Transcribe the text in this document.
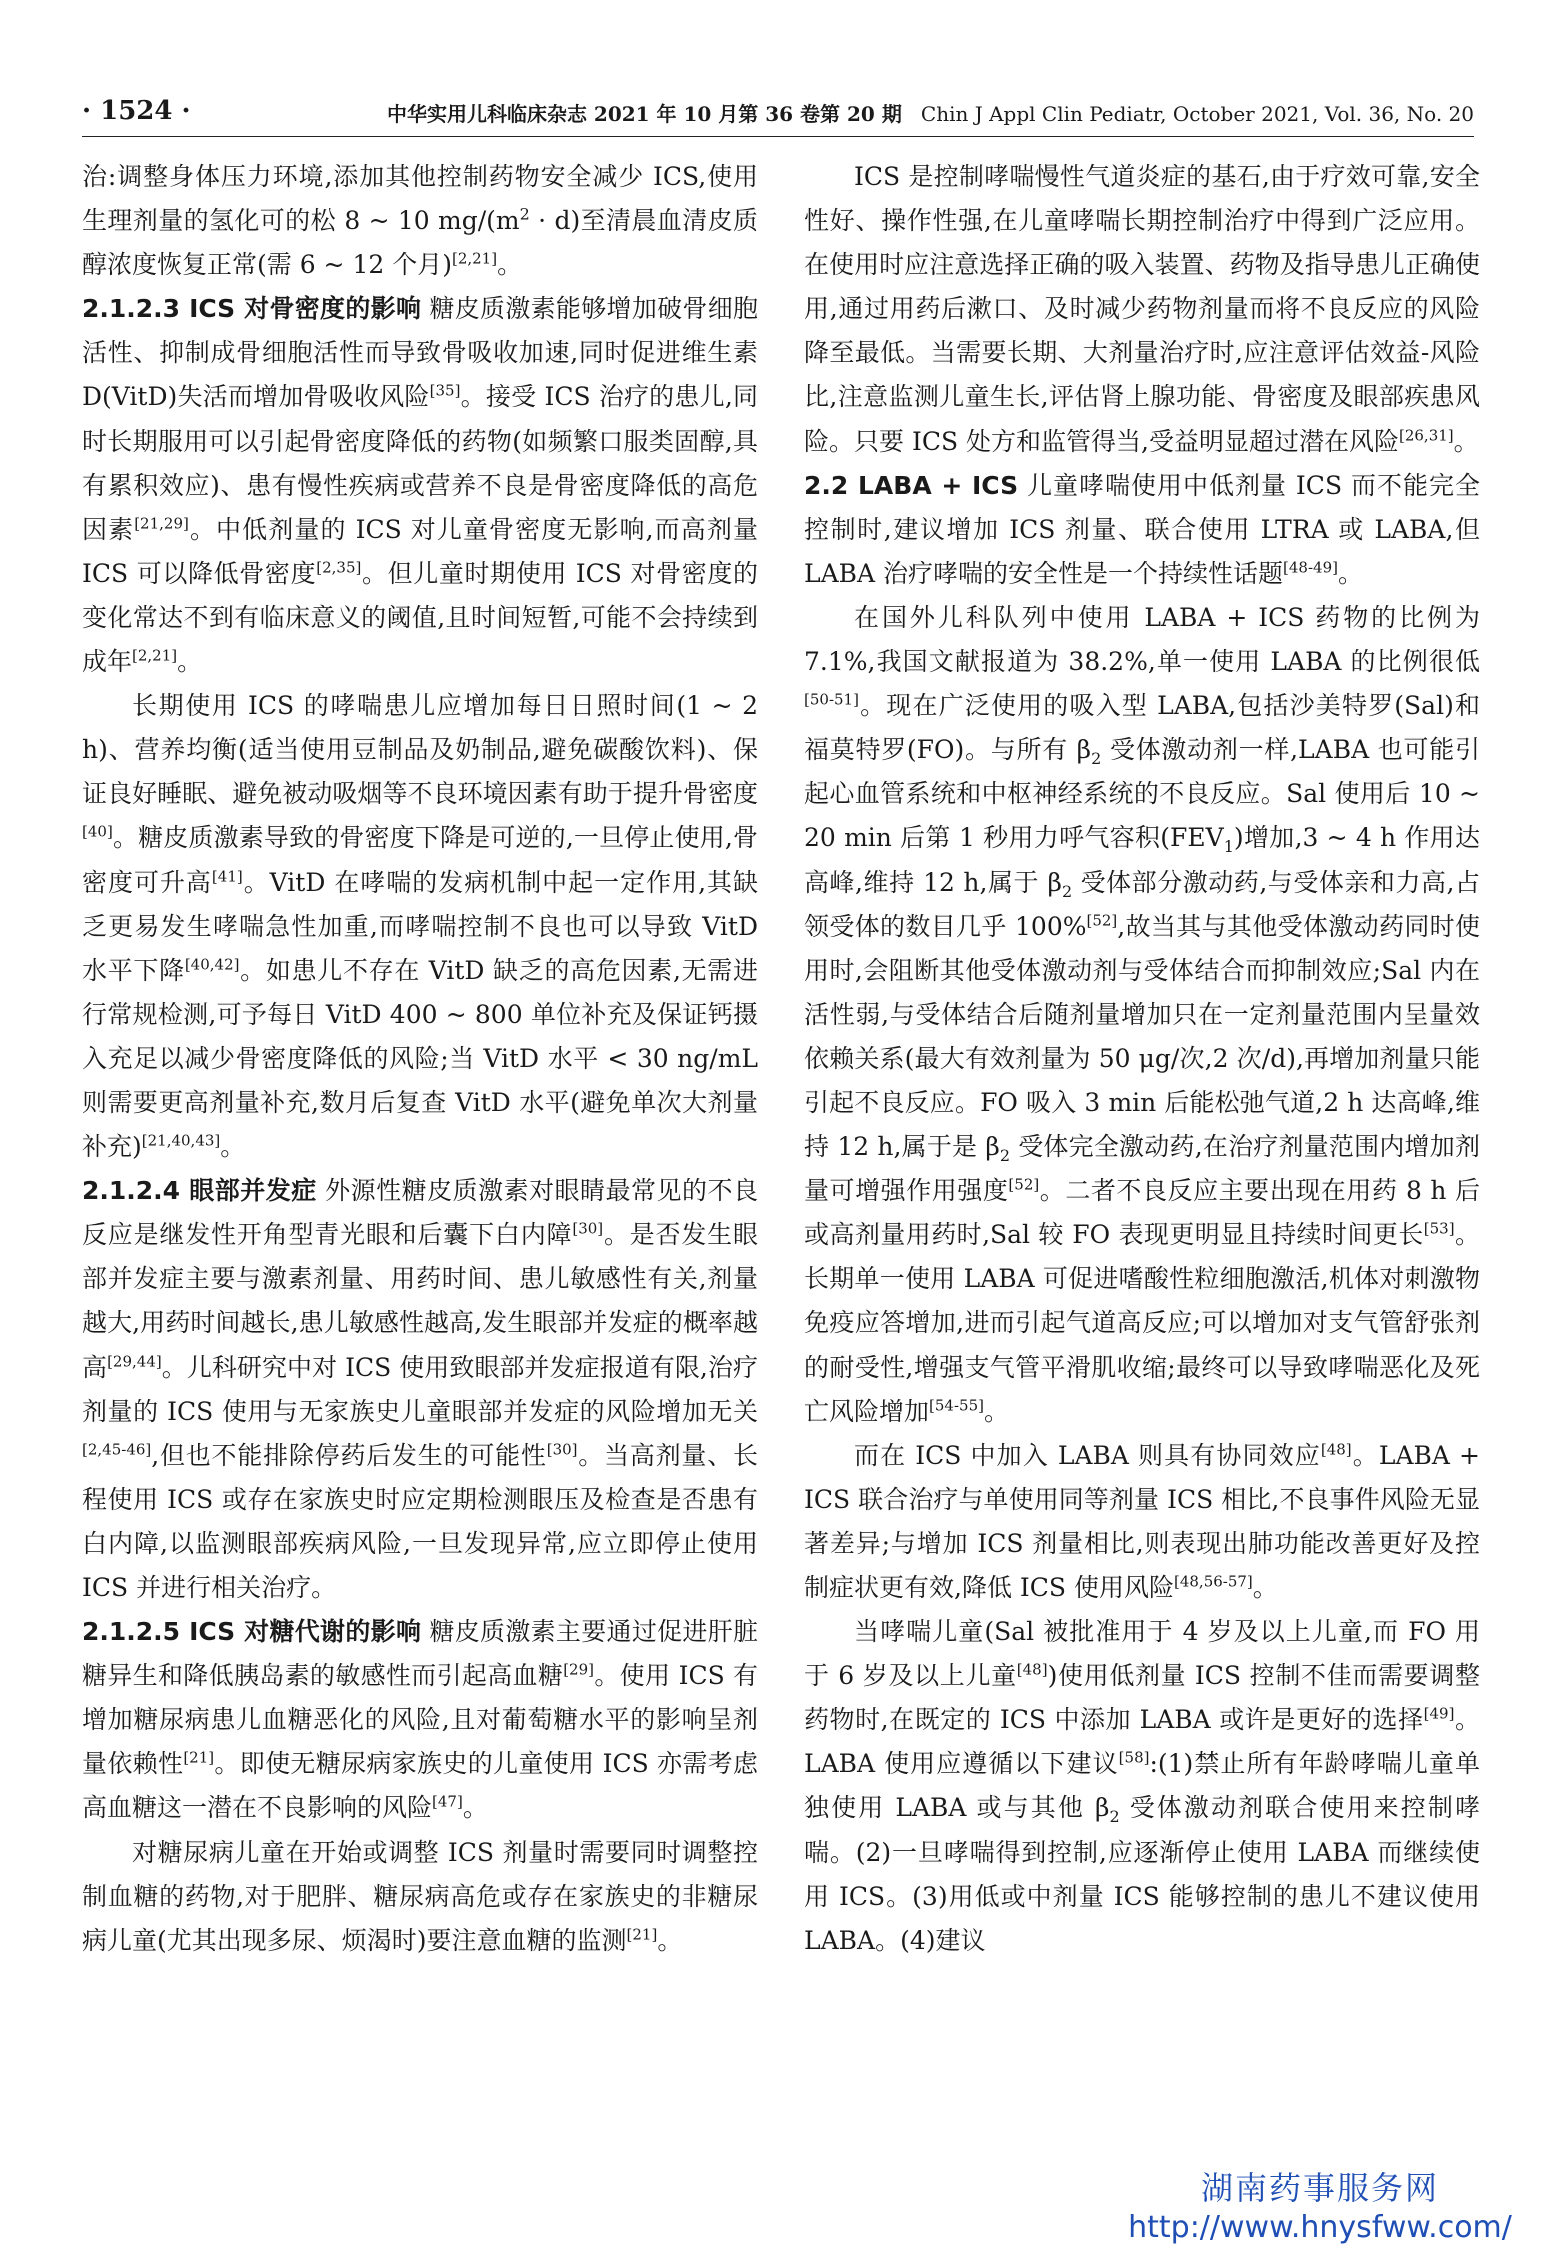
· 1524 ·	中华实用儿科临床杂志 2021 年 10 月第 36 卷第 20 期 Chin J Appl Clin Pediatr, October 2021, Vol. 36, No. 20

治:调整身体压力环境,添加其他控制药物安全减少 ICS,使用生理剂量的氢化可的松 8 ~ 10 $mg/(m^2 \cdot d)$至清晨血清皮质醇浓度恢复正常(需 6 ~ 12 个月)[2,21]。

2.1.2.3 ICS 对骨密度的影响 糖皮质激素能够增加破骨细胞活性、抑制成骨细胞活性而导致骨吸收加速,同时促进维生素 D(VitD)失活而增加骨吸收风险[35]。接受 ICS 治疗的患儿,同时长期服用可以引起骨密度降低的药物(如频繁口服类固醇,具有累积效应)、患有慢性疾病或营养不良是骨密度降低的高危因素[21,29]。中低剂量的 ICS 对儿童骨密度无影响,而高剂量 ICS 可以降低骨密度[2,35]。但儿童时期使用 ICS 对骨密度的变化常达不到有临床意义的阈值,且时间短暂,可能不会持续到成年[2,21]。

长期使用 ICS 的哮喘患儿应增加每日日照时间(1 ~ 2 h)、营养均衡(适当使用豆制品及奶制品,避免碳酸饮料)、保证良好睡眠、避免被动吸烟等不良环境因素有助于提升骨密度[40]。糖皮质激素导致的骨密度下降是可逆的,一旦停止使用,骨密度可升高[41]。VitD 在哮喘的发病机制中起一定作用,其缺乏更易发生哮喘急性加重,而哮喘控制不良也可以导致 VitD 水平下降[40,42]。如患儿不存在 VitD 缺乏的高危因素,无需进行常规检测,可予每日 VitD 400 ~ 800 单位补充及保证钙摄入充足以减少骨密度降低的风险;当 VitD 水平 < 30 ng/mL 则需要更高剂量补充,数月后复查 VitD 水平(避免单次大剂量补充)[21,40,43]。

2.1.2.4 眼部并发症 外源性糖皮质激素对眼睛最常见的不良反应是继发性开角型青光眼和后囊下白内障[30]。是否发生眼部并发症主要与激素剂量、用药时间、患儿敏感性有关,剂量越大,用药时间越长,患儿敏感性越高,发生眼部并发症的概率越高[29,44]。儿科研究中对 ICS 使用致眼部并发症报道有限,治疗剂量的 ICS 使用与无家族史儿童眼部并发症的风险增加无关[2,45-46],但也不能排除停药后发生的可能性[30]。当高剂量、长程使用 ICS 或存在家族史时应定期检测眼压及检查是否患有白内障,以监测眼部疾病风险,一旦发现异常,应立即停止使用 ICS 并进行相关治疗。

2.1.2.5 ICS 对糖代谢的影响 糖皮质激素主要通过促进肝脏糖异生和降低胰岛素的敏感性而引起高血糖[29]。使用 ICS 有增加糖尿病患儿血糖恶化的风险,且对葡萄糖水平的影响呈剂量依赖性[21]。即使无糖尿病家族史的儿童使用 ICS 亦需考虑高血糖这一潜在不良影响的风险[47]。

对糖尿病儿童在开始或调整 ICS 剂量时需要同时调整控制血糖的药物,对于肥胖、糖尿病高危或存在家族史的非糖尿病儿童(尤其出现多尿、烦渴时)要注意血糖的监测[21]。

ICS 是控制哮喘慢性气道炎症的基石,由于疗效可靠,安全性好、操作性强,在儿童哮喘长期控制治疗中得到广泛应用。在使用时应注意选择正确的吸入装置、药物及指导患儿正确使用,通过用药后漱口、及时减少药物剂量而将不良反应的风险降至最低。当需要长期、大剂量治疗时,应注意评估效益-风险比,注意监测儿童生长,评估肾上腺功能、骨密度及眼部疾患风险。只要 ICS 处方和监管得当,受益明显超过潜在风险[26,31]。

2.2 LABA + ICS 儿童哮喘使用中低剂量 ICS 而不能完全控制时,建议增加 ICS 剂量、联合使用 LTRA 或 LABA,但 LABA 治疗哮喘的安全性是一个持续性话题[48-49]。

在国外儿科队列中使用 LABA + ICS 药物的比例为 7.1%,我国文献报道为 38.2%,单一使用 LABA 的比例很低[50-51]。现在广泛使用的吸入型 LABA,包括沙美特罗(Sal)和福莫特罗(FO)。与所有 $\beta_2$ 受体激动剂一样,LABA 也可能引起心血管系统和中枢神经系统的不良反应。Sal 使用后 10 ~ 20 min 后第 1 秒用力呼气容积$(FEV_1)$增加,3 ~ 4 h 作用达高峰,维持 12 h,属于 $\beta_2$ 受体部分激动药,与受体亲和力高,占领受体的数目几乎 100%[52],故当其与其他受体激动药同时使用时,会阻断其他受体激动剂与受体结合而抑制效应;Sal 内在活性弱,与受体结合后随剂量增加只在一定剂量范围内呈量效依赖关系(最大有效剂量为 50 μg/次,2 次/d),再增加剂量只能引起不良反应。FO 吸入 3 min 后能松弛气道,2 h 达高峰,维持 12 h,属于是 $\beta_2$ 受体完全激动药,在治疗剂量范围内增加剂量可增强作用强度[52]。二者不良反应主要出现在用药 8 h 后或高剂量用药时,Sal 较 FO 表现更明显且持续时间更长[53]。长期单一使用 LABA 可促进嗜酸性粒细胞激活,机体对刺激物免疫应答增加,进而引起气道高反应;可以增加对支气管舒张剂的耐受性,增强支气管平滑肌收缩;最终可以导致哮喘恶化及死亡风险增加[54-55]。

而在 ICS 中加入 LABA 则具有协同效应[48]。LABA + ICS 联合治疗与单使用同等剂量 ICS 相比,不良事件风险无显著差异;与增加 ICS 剂量相比,则表现出肺功能改善更好及控制症状更有效,降低 ICS 使用风险[48,56-57]。

当哮喘儿童(Sal 被批准用于 4 岁及以上儿童,而 FO 用于 6 岁及以上儿童[48])使用低剂量 ICS 控制不佳而需要调整药物时,在既定的 ICS 中添加 LABA 或许是更好的选择[49]。LABA 使用应遵循以下建议[58]:(1)禁止所有年龄哮喘儿童单独使用 LABA 或与其他 $\beta_2$ 受体激动剂联合使用来控制哮喘。(2)一旦哮喘得到控制,应逐渐停止使用 LABA 而继续使用 ICS。(3)用低或中剂量 ICS 能够控制的患儿不建议使用 LABA。(4)建议

湖南药事服务网
http://www.hnysfww.com/
